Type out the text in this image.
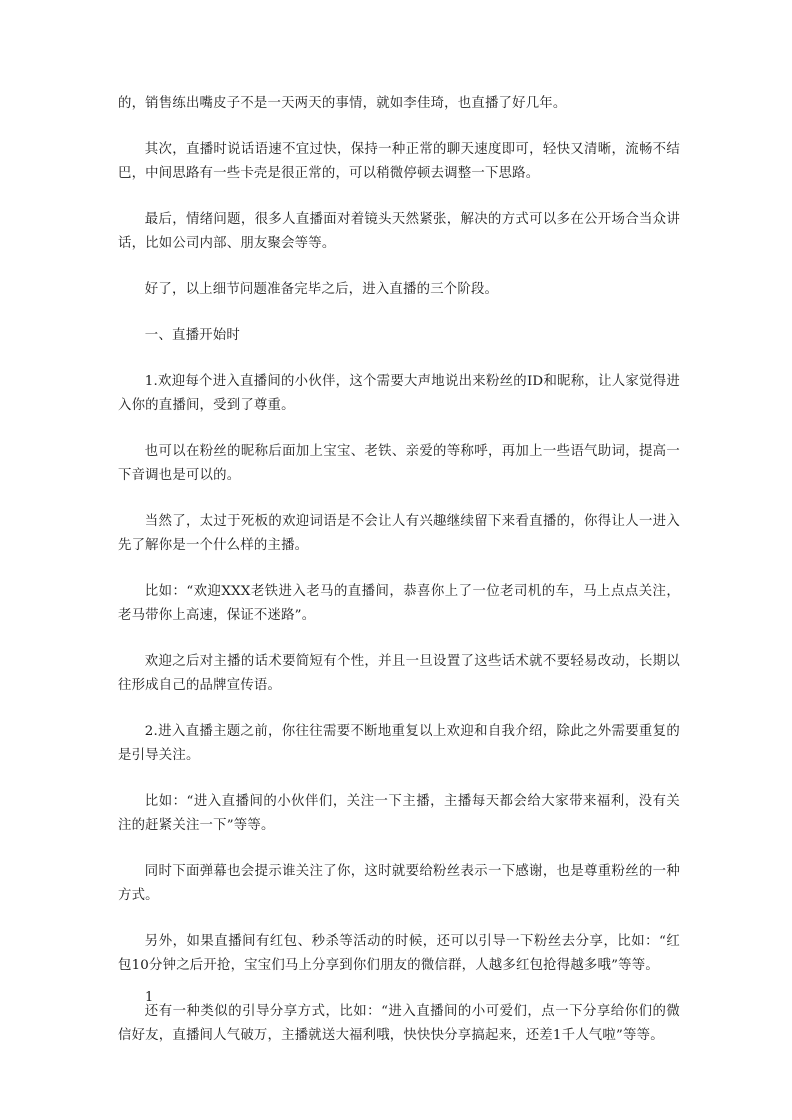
的，销售练出嘴皮子不是一天两天的事情，就如李佳琦，也直播了好几年。

其次，直播时说话语速不宜过快，保持一种正常的聊天速度即可，轻快又清晰，流畅不结巴，中间思路有一些卡壳是很正常的，可以稍微停顿去调整一下思路。

最后，情绪问题，很多人直播面对着镜头天然紧张，解决的方式可以多在公开场合当众讲话，比如公司内部、朋友聚会等等。

好了，以上细节问题准备完毕之后，进入直播的三个阶段。

一、直播开始时

1.欢迎每个进入直播间的小伙伴，这个需要大声地说出来粉丝的ID和昵称，让人家觉得进入你的直播间，受到了尊重。

也可以在粉丝的昵称后面加上宝宝、老铁、亲爱的等称呼，再加上一些语气助词，提高一下音调也是可以的。

当然了，太过于死板的欢迎词语是不会让人有兴趣继续留下来看直播的，你得让人一进入先了解你是一个什么样的主播。

比如：“欢迎XXX老铁进入老马的直播间，恭喜你上了一位老司机的车，马上点点关注，老马带你上高速，保证不迷路”。

欢迎之后对主播的话术要简短有个性，并且一旦设置了这些话术就不要轻易改动，长期以往形成自己的品牌宣传语。

2.进入直播主题之前，你往往需要不断地重复以上欢迎和自我介绍，除此之外需要重复的是引导关注。

比如：“进入直播间的小伙伴们，关注一下主播，主播每天都会给大家带来福利，没有关注的赶紧关注一下”等等。

同时下面弹幕也会提示谁关注了你，这时就要给粉丝表示一下感谢，也是尊重粉丝的一种方式。

另外，如果直播间有红包、秒杀等活动的时候，还可以引导一下粉丝去分享，比如：“红包10分钟之后开抢，宝宝们马上分享到你们朋友的微信群，人越多红包抢得越多哦”等等。

还有一种类似的引导分享方式，比如：“进入直播间的小可爱们，点一下分享给你们的微信好友，直播间人气破万，主播就送大福利哦，快快快分享搞起来，还差1千人气啦”等等。

1
